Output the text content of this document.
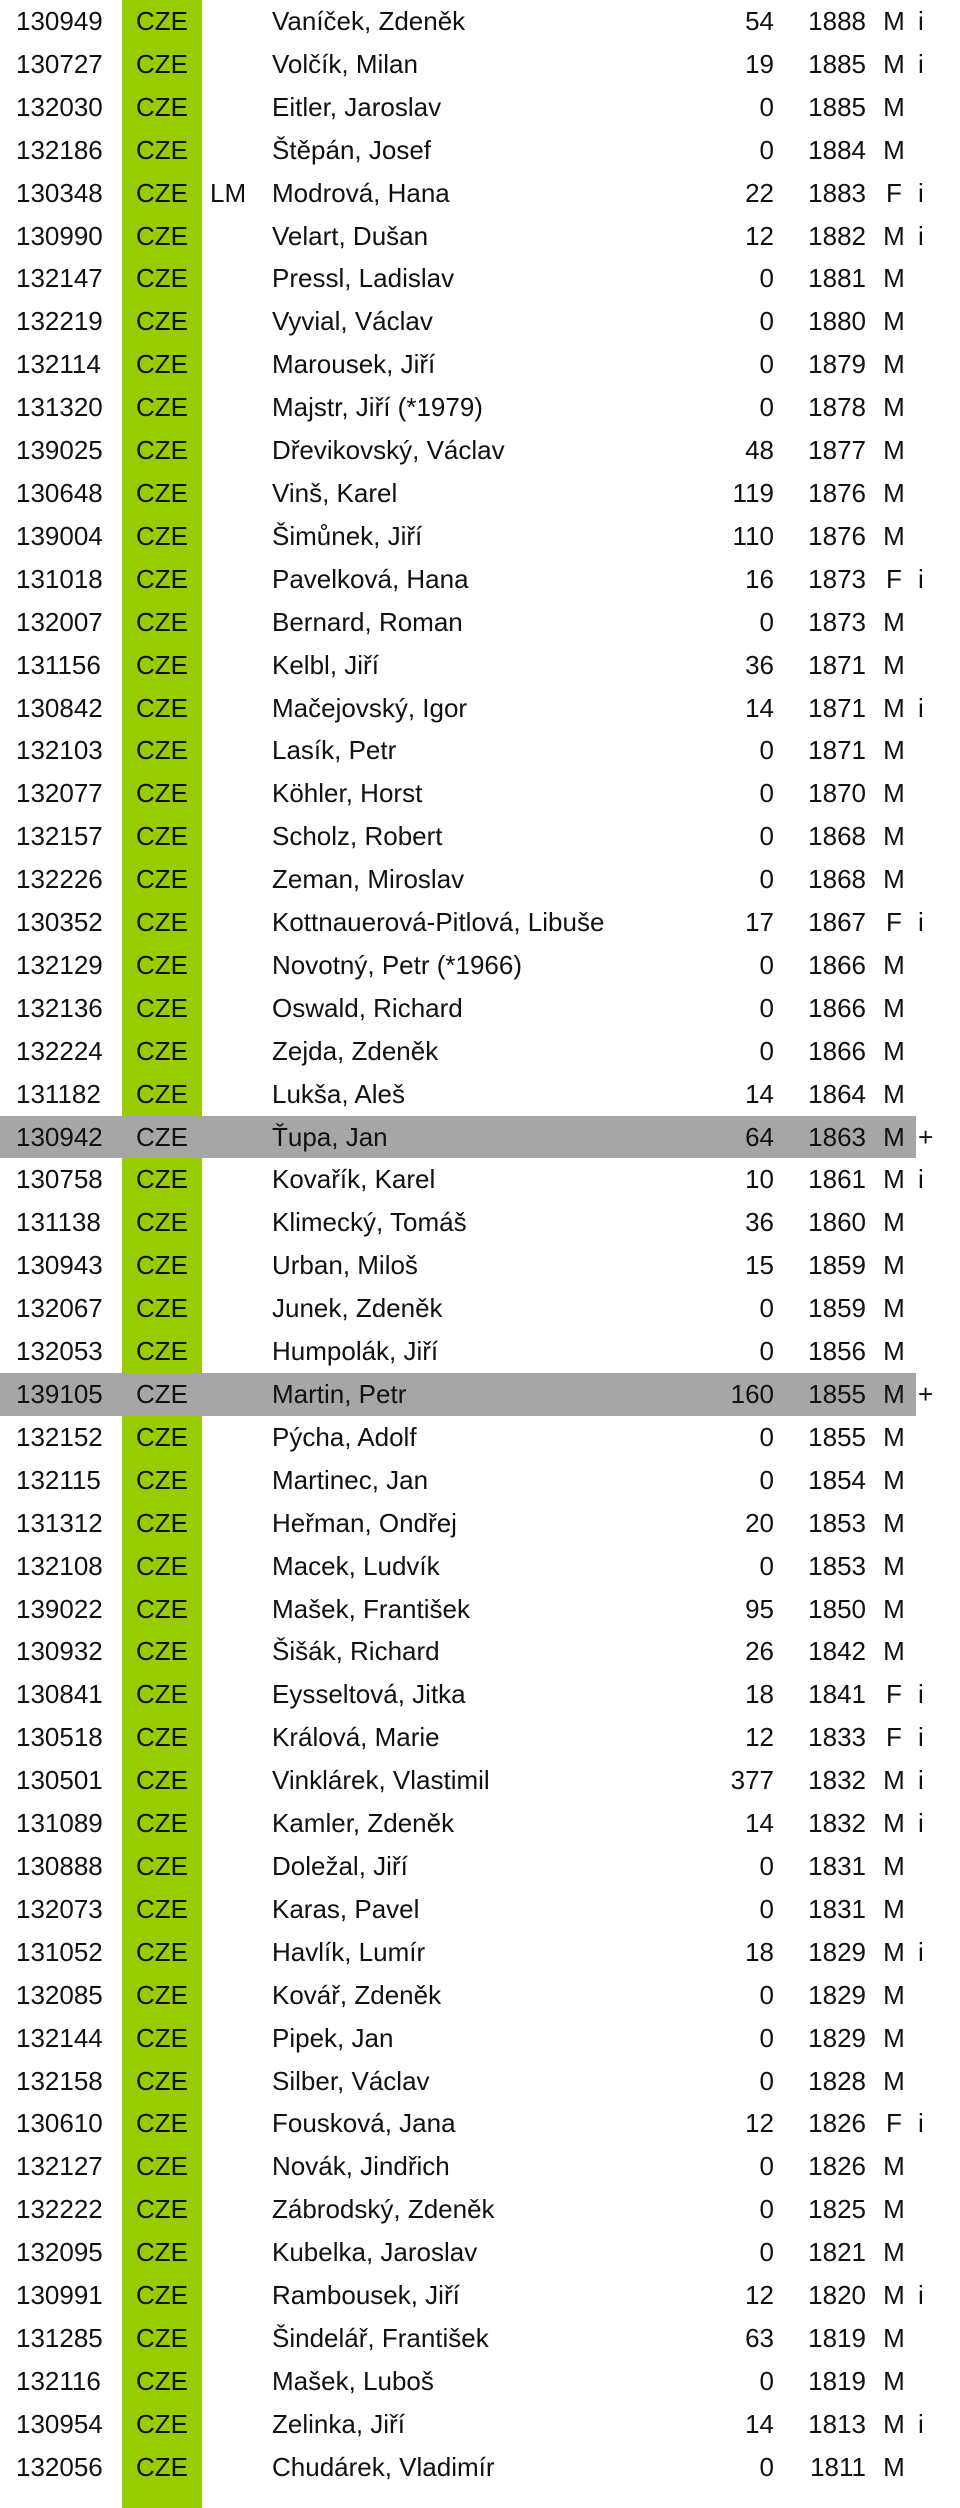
130949	CZE		Vaníček, Zdeněk	54	1888	M	i
130727	CZE		Volčík, Milan	19	1885	M	i
132030	CZE		Eitler, Jaroslav	0	1885	M	
132186	CZE		Štěpán, Josef	0	1884	M	
130348	CZE	LM	Modrová, Hana	22	1883	F	i
130990	CZE		Velart, Dušan	12	1882	M	i
132147	CZE		Pressl, Ladislav	0	1881	M	
132219	CZE		Vyvial, Václav	0	1880	M	
132114	CZE		Marousek, Jiří	0	1879	M	
131320	CZE		Majstr, Jiří (*1979)	0	1878	M	
139025	CZE		Dřevikovský, Václav	48	1877	M	
130648	CZE		Vinš, Karel	119	1876	M	
139004	CZE		Šimůnek, Jiří	110	1876	M	
131018	CZE		Pavelková, Hana	16	1873	F	i
132007	CZE		Bernard, Roman	0	1873	M	
131156	CZE		Kelbl, Jiří	36	1871	M	
130842	CZE		Mačejovský, Igor	14	1871	M	i
132103	CZE		Lasík, Petr	0	1871	M	
132077	CZE		Köhler, Horst	0	1870	M	
132157	CZE		Scholz, Robert	0	1868	M	
132226	CZE		Zeman, Miroslav	0	1868	M	
130352	CZE		Kottnauerová-Pitlová, Libuše	17	1867	F	i
132129	CZE		Novotný, Petr (*1966)	0	1866	M	
132136	CZE		Oswald, Richard	0	1866	M	
132224	CZE		Zejda, Zdeněk	0	1866	M	
131182	CZE		Lukša, Aleš	14	1864	M	
130942	CZE		Ťupa, Jan	64	1863	M	+
130758	CZE		Kovařík, Karel	10	1861	M	i
131138	CZE		Klimecký, Tomáš	36	1860	M	
130943	CZE		Urban, Miloš	15	1859	M	
132067	CZE		Junek, Zdeněk	0	1859	M	
132053	CZE		Humpolák, Jiří	0	1856	M	
139105	CZE		Martin, Petr	160	1855	M	+
132152	CZE		Pýcha, Adolf	0	1855	M	
132115	CZE		Martinec, Jan	0	1854	M	
131312	CZE		Heřman, Ondřej	20	1853	M	
132108	CZE		Macek, Ludvík	0	1853	M	
139022	CZE		Mašek, František	95	1850	M	
130932	CZE		Šišák, Richard	26	1842	M	
130841	CZE		Eysseltová, Jitka	18	1841	F	i
130518	CZE		Králová, Marie	12	1833	F	i
130501	CZE		Vinklárek, Vlastimil	377	1832	M	i
131089	CZE		Kamler, Zdeněk	14	1832	M	i
130888	CZE		Doležal, Jiří	0	1831	M	
132073	CZE		Karas, Pavel	0	1831	M	
131052	CZE		Havlík, Lumír	18	1829	M	i
132085	CZE		Kovář, Zdeněk	0	1829	M	
132144	CZE		Pipek, Jan	0	1829	M	
132158	CZE		Silber, Václav	0	1828	M	
130610	CZE		Fousková, Jana	12	1826	F	i
132127	CZE		Novák, Jindřich	0	1826	M	
132222	CZE		Zábrodský, Zdeněk	0	1825	M	
132095	CZE		Kubelka, Jaroslav	0	1821	M	
130991	CZE		Rambousek, Jiří	12	1820	M	i
131285	CZE		Šindelář, František	63	1819	M	
132116	CZE		Mašek, Luboš	0	1819	M	
130954	CZE		Zelinka, Jiří	14	1813	M	i
132056	CZE		Chudárek, Vladimír	0	1811	M	
